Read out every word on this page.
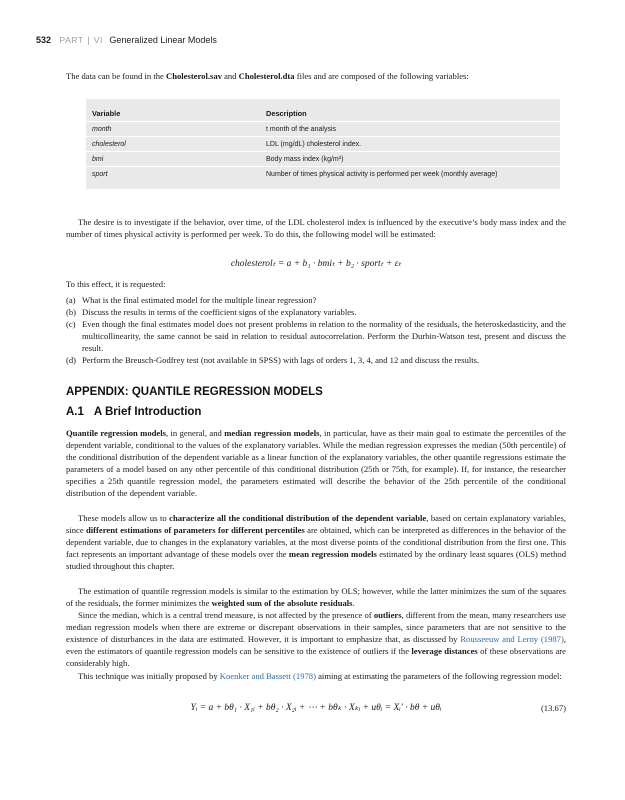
532 PART | VI Generalized Linear Models
The data can be found in the Cholesterol.sav and Cholesterol.dta files and are composed of the following variables:
Variable	Description
month	t month of the analysis
cholesterol	LDL (mg/dL) cholesterol index.
bmi	Body mass index (kg/m²)
sport	Number of times physical activity is performed per week (monthly average)
The desire is to investigate if the behavior, over time, of the LDL cholesterol index is influenced by the executive’s body mass index and the number of times physical activity is performed per week. To do this, the following model will be estimated:
cholesterolₜ = a + b₁ · bmiₜ + b₂ · sportₜ + εₜ
To this effect, it is requested:
(a) What is the final estimated model for the multiple linear regression?
(b) Discuss the results in terms of the coefficient signs of the explanatory variables.
(c) Even though the final estimates model does not present problems in relation to the normality of the residuals, the heteroskedasticity, and the multicollinearity, the same cannot be said in relation to residual autocorrelation. Perform the Durbin-Watson test, present and discuss the result.
(d) Perform the Breusch-Godfrey test (not available in SPSS) with lags of orders 1, 3, 4, and 12 and discuss the results.
APPENDIX: QUANTILE REGRESSION MODELS
A.1 A Brief Introduction
Quantile regression models, in general, and median regression models, in particular, have as their main goal to estimate the percentiles of the dependent variable, conditional to the values of the explanatory variables. While the median regression expresses the median (50th percentile) of the conditional distribution of the dependent variable as a linear function of the explanatory variables, the other quantile regressions estimate the parameters of a model based on any other percentile of this conditional distribution (25th or 75th, for example). If, for instance, the researcher specifies a 25th quantile regression model, the parameters estimated will describe the behavior of the 25th percentile of the conditional distribution of the dependent variable.
These models allow us to characterize all the conditional distribution of the dependent variable, based on certain explanatory variables, since different estimations of parameters for different percentiles are obtained, which can be interpreted as differences in the behavior of the dependent variable, due to changes in the explanatory variables, at the most diverse points of the conditional distribution from the first one. This fact represents an important advantage of these models over the mean regression models estimated by the ordinary least squares (OLS) method studied throughout this chapter.
The estimation of quantile regression models is similar to the estimation by OLS; however, while the latter minimizes the sum of the squares of the residuals, the former minimizes the weighted sum of the absolute residuals.
Since the median, which is a central trend measure, is not affected by the presence of outliers, different from the mean, many researchers use median regression models when there are extreme or discrepant observations in their samples, since parameters that are not sensitive to the existence of disturbances in the data are estimated. However, it is important to emphasize that, as discussed by Rousseeuw and Leroy (1987), even the estimators of quantile regression models can be sensitive to the existence of outliers if the leverage distances of these observations are considerably high.
This technique was initially proposed by Koenker and Bassett (1978) aiming at estimating the parameters of the following regression model:
Yᵢ = a + bθ₁ · X₁ᵢ + bθ₂ · X₂ᵢ + ⋯ + bθₖ · Xₖᵢ + uθᵢ = Xᵢ′ · bθ + uθᵢ	(13.67)
